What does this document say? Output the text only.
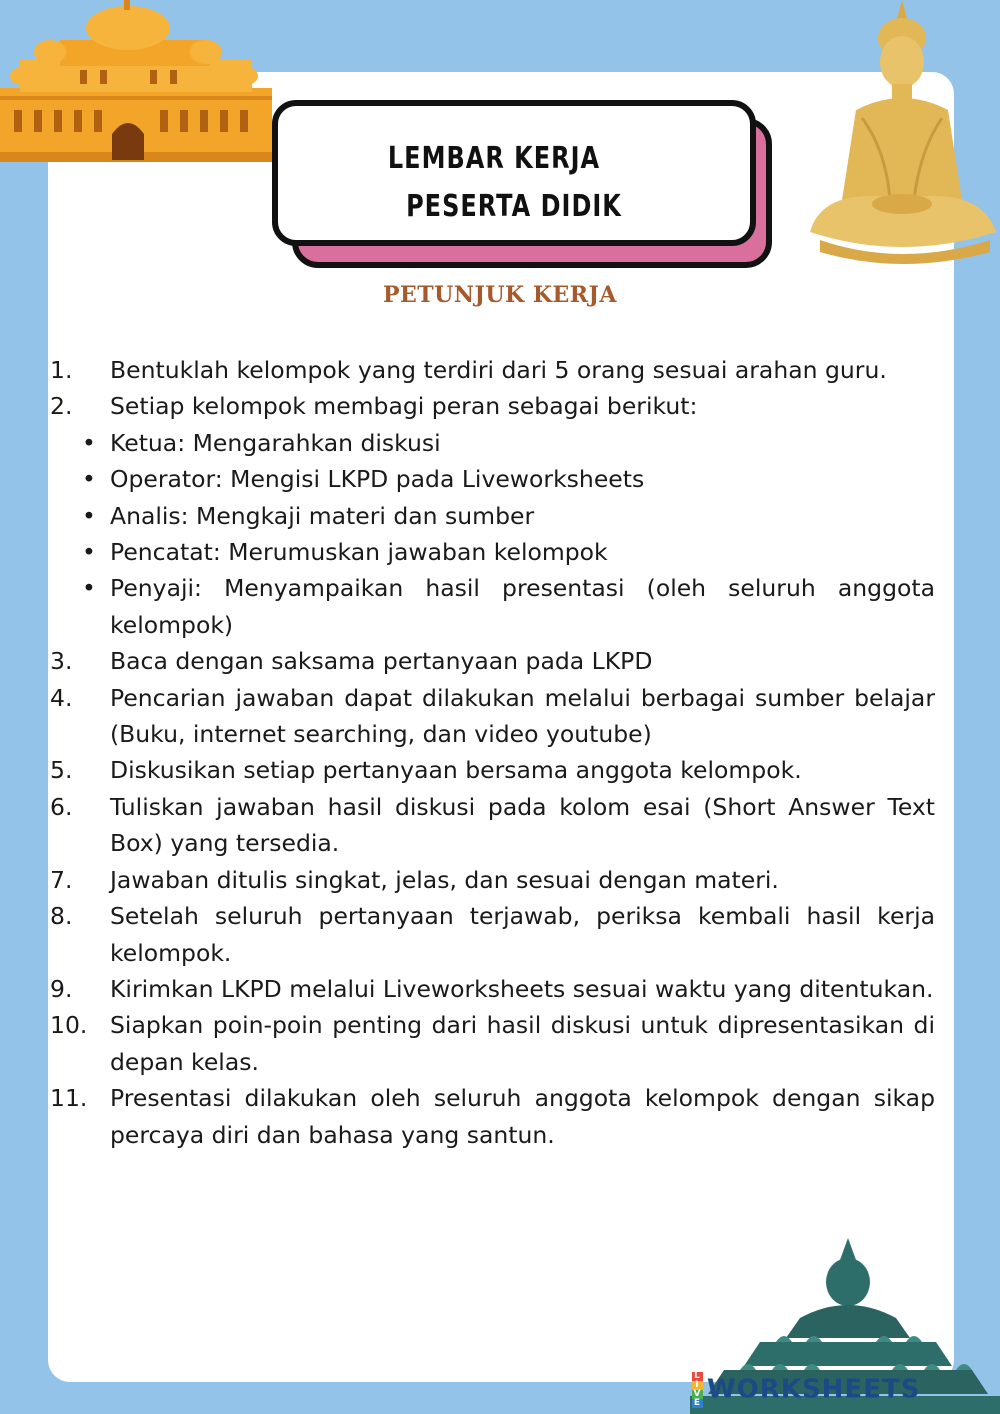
LEMBAR KERJA
PESERTA DIDIK
PETUNJUK KERJA
1.	Bentuklah kelompok yang terdiri dari 5 orang sesuai arahan guru.
2.	Setiap kelompok membagi peran sebagai berikut:
• Ketua: Mengarahkan diskusi
• Operator: Mengisi LKPD pada Liveworksheets
• Analis: Mengkaji materi dan sumber
• Pencatat: Merumuskan jawaban kelompok
• Penyaji: Menyampaikan hasil presentasi (oleh seluruh anggota kelompok)
3.	Baca dengan saksama pertanyaan pada LKPD
4.	Pencarian jawaban dapat dilakukan melalui berbagai sumber belajar (Buku, internet searching, dan video youtube)
5.	Diskusikan setiap pertanyaan bersama anggota kelompok.
6.	Tuliskan jawaban hasil diskusi pada kolom esai (Short Answer Text Box) yang tersedia.
7.	Jawaban ditulis singkat, jelas, dan sesuai dengan materi.
8.	Setelah seluruh pertanyaan terjawab, periksa kembali hasil kerja kelompok.
9.	Kirimkan LKPD melalui Liveworksheets sesuai waktu yang ditentukan.
10. Siapkan poin-poin penting dari hasil diskusi untuk dipresentasikan di depan kelas.
11. Presentasi dilakukan oleh seluruh anggota kelompok dengan sikap percaya diri dan bahasa yang santun.
L
I
V
E WORKSHEETS
